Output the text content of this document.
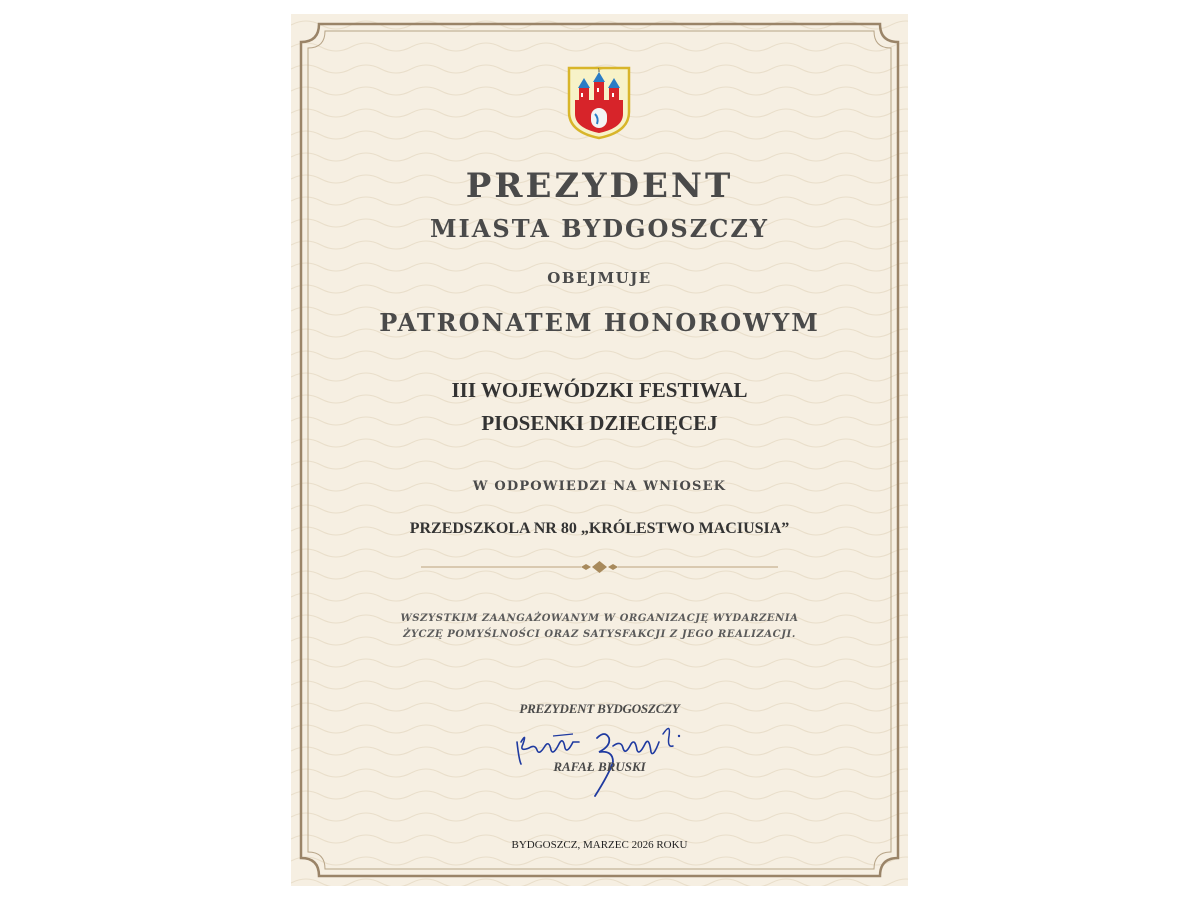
PREZYDENT
MIASTA BYDGOSZCZY
OBEJMUJE
PATRONATEM HONOROWYM
III WOJEWÓDZKI FESTIWAL
PIOSENKI DZIECIĘCEJ
W ODPOWIEDZI NA WNIOSEK
PRZEDSZKOLA NR 80 „KRÓLESTWO MACIUSIA”
WSZYSTKIM ZAANGAŻOWANYM W ORGANIZACJĘ WYDARZENIA
ŻYCZĘ POMYŚLNOŚCI ORAZ SATYSFAKCJI Z JEGO REALIZACJI.
PREZYDENT BYDGOSZCZY
RAFAŁ BRUSKI
BYDGOSZCZ, MARZEC 2026 ROKU
